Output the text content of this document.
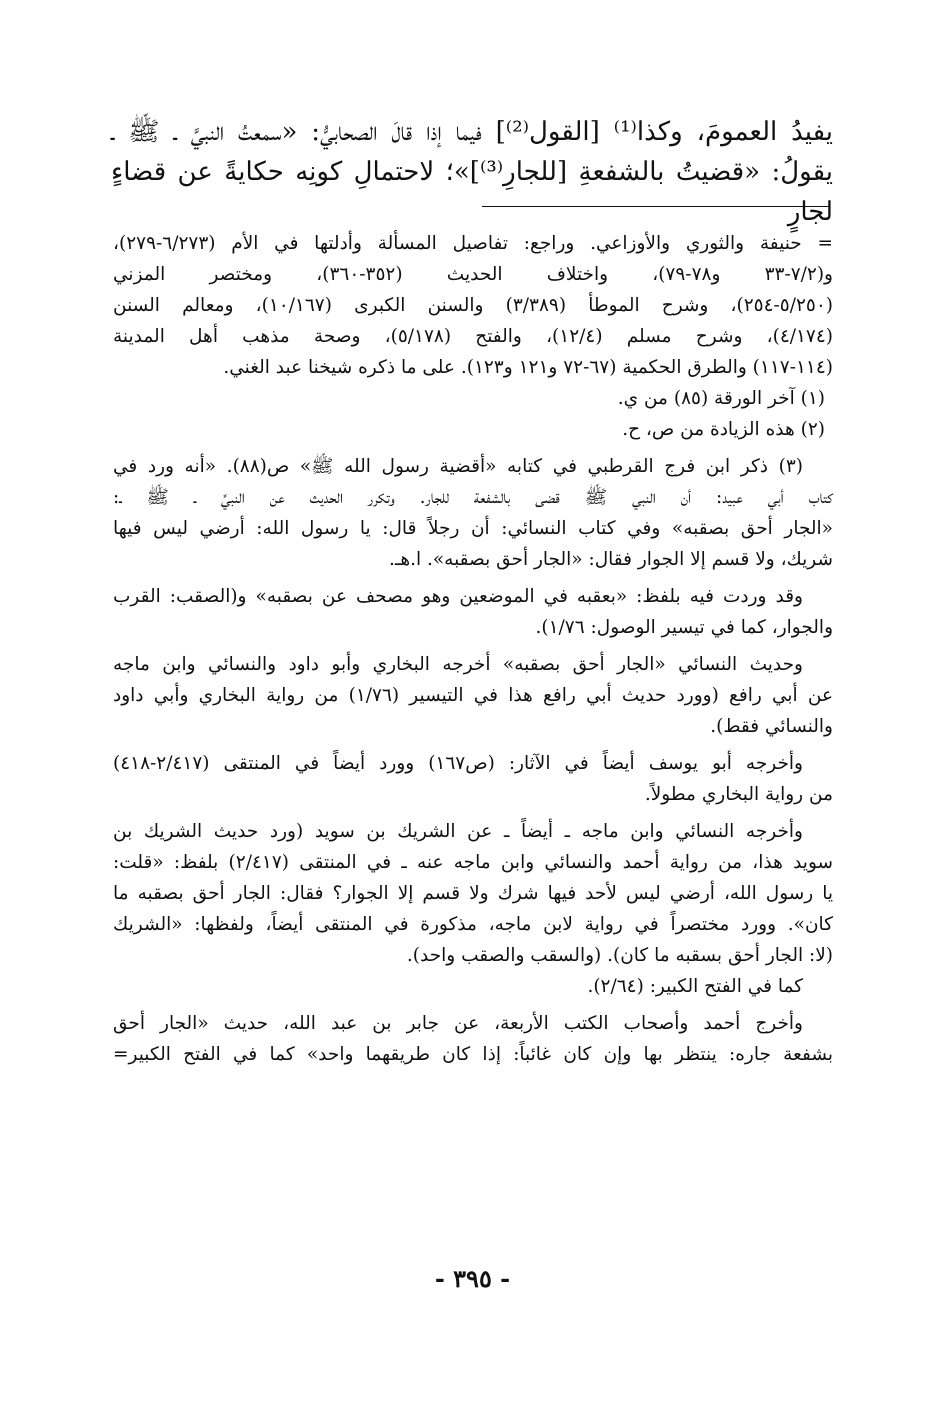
يفيدُ العمومَ، وكذا⁽¹⁾ [القول⁽²⁾] فيما إذا قالَ الصحابيُّ: «سمعتُ النبيَّ ـ ﷺ ـ

يقولُ: «قضيتُ بالشفعةِ [للجارِ⁽³⁾]»؛ لاحتمالِ كونِه حكايةً عن قضاءٍ لجارٍ

= حنيفة والثوري والأوزاعي. وراجع: تفاصيل المسألة وأدلتها في الأم (٦/٢٧٣-٢٧٩)،

و(٧/٢-٣٣ و٧٨-٧٩)، واختلاف الحديث (٣٥٢-٣٦٠)، ومختصر المزني

(٥/٢٥٠-٢٥٤)، وشرح الموطأ (٣/٣٨٩) والسنن الكبرى (١٠/١٦٧)، ومعالم السنن

(٤/١٧٤)، وشرح مسلم (١٢/٤)، والفتح (٥/١٧٨)، وصحة مذهب أهل المدينة

(١١٤-١١٧) والطرق الحكمية (٦٧-٧٢ و١٢١ و١٢٣). على ما ذكره شيخنا عبد الغني.

(١) آخر الورقة (٨٥) من ي.

(٢) هذه الزيادة من ص، ح.

(٣) ذكر ابن فرج القرطبي في كتابه «أقضية رسول الله ﷺ» ص(٨٨). «أنه ورد في

كتاب أبي عبيد: أن النبي ﷺ قضى بالشفعة للجار. وتكرر الحديث عن النبيِّ ـ ﷺ ـ:

«الجار أحق بصقبه» وفي كتاب النسائي: أن رجلاً قال: يا رسول الله: أرضي ليس فيها

شريك، ولا قسم إلا الجوار فقال: «الجار أحق بصقبه». ا.هـ.

وقد وردت فيه بلفظ: «بعقبه في الموضعين وهو مصحف عن بصقبه» و(الصقب: القرب

والجوار، كما في تيسير الوصول: ١/٧٦).

وحديث النسائي «الجار أحق بصقبه» أخرجه البخاري وأبو داود والنسائي وابن ماجه

عن أبي رافع (وورد حديث أبي رافع هذا في التيسير (١/٧٦) من رواية البخاري وأبي داود

والنسائي فقط).

وأخرجه أبو يوسف أيضاً في الآثار: (ص١٦٧) وورد أيضاً في المنتقى (٢/٤١٧-٤١٨)

من رواية البخاري مطولاً.

وأخرجه النسائي وابن ماجه ـ أيضاً ـ عن الشريك بن سويد (ورد حديث الشريك بن

سويد هذا، من رواية أحمد والنسائي وابن ماجه عنه ـ في المنتقى (٢/٤١٧) بلفظ: «قلت:

يا رسول الله، أرضي ليس لأحد فيها شرك ولا قسم إلا الجوار؟ فقال: الجار أحق بصقبه ما

كان». وورد مختصراً في رواية لابن ماجه، مذكورة في المنتقى أيضاً، ولفظها: «الشريك

(لا: الجار أحق بسقبه ما كان). (والسقب والصقب واحد).

كما في الفتح الكبير: (٢/٦٤).

وأخرج أحمد وأصحاب الكتب الأربعة، عن جابر بن عبد الله، حديث «الجار أحق

بشفعة جاره: ينتظر بها وإن كان غائباً: إذا كان طريقهما واحد» كما في الفتح الكبير=

- ٣٩٥ -
